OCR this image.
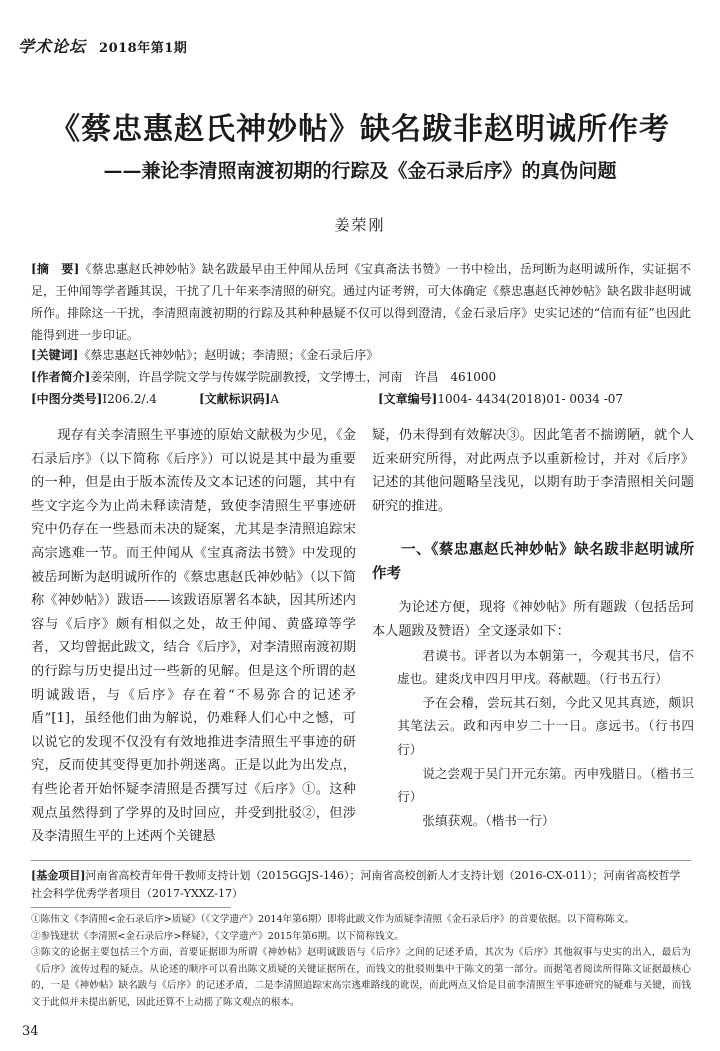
学术论坛 2018年第1期
《蔡忠惠赵氏神妙帖》缺名跋非赵明诚所作考
——兼论李清照南渡初期的行踪及《金石录后序》的真伪问题
姜荣刚
[摘　要]《蔡忠惠赵氏神妙帖》缺名跋最早由王仲闻从岳珂《宝真斋法书赞》一书中检出，岳珂断为赵明诚所作，实证据不足，王仲闻等学者踵其误，干扰了几十年来李清照的研究。通过内证考辨，可大体确定《蔡忠惠赵氏神妙帖》缺名跋非赵明诚所作。排除这一干扰，李清照南渡初期的行踪及其种种悬疑不仅可以得到澄清，《金石录后序》史实记述的“信而有征”也因此能得到进一步印证。
[关键词]《蔡忠惠赵氏神妙帖》；赵明诚；李清照；《金石录后序》
[作者简介]姜荣刚，许昌学院文学与传媒学院副教授，文学博士，河南　许昌　461000
[中图分类号]I206.2/.4	[文献标识码]A	[文章编号]1004- 4434(2018)01- 0034 -07
现存有关李清照生平事迹的原始文献极为少见，《金石录后序》（以下简称《后序》）可以说是其中最为重要的一种，但是由于版本流传及文本记述的问题，其中有些文字迄今为止尚未释读清楚，致使李清照生平事迹研究中仍存在一些悬而未决的疑案，尤其是李清照追踪宋高宗逃难一节。而王仲闻从《宝真斋法书赞》中发现的被岳珂断为赵明诚所作的《蔡忠惠赵氏神妙帖》（以下简称《神妙帖》）跋语——该跋语原署名本缺，因其所述内容与《后序》颇有相似之处，故王仲闻、黄盛璋等学者，又均曾据此跋文，结合《后序》，对李清照南渡初期的行踪与历史提出过一些新的见解。但是这个所谓的赵明诚跋语，与《后序》存在着“不易弥合的记述矛盾”[1]，虽经他们曲为解说，仍难释人们心中之憾，可以说它的发现不仅没有有效地推进李清照生平事迹的研究，反而使其变得更加扑朔迷离。正是以此为出发点，有些论者开始怀疑李清照是否撰写过《后序》①。这种观点虽然得到了学界的及时回应，并受到批驳②，但涉及李清照生平的上述两个关键悬

疑，仍未得到有效解决③。因此笔者不揣谫陋，就个人近来研究所得，对此两点予以重新检讨，并对《后序》记述的其他问题略呈浅见，以期有助于李清照相关问题研究的推进。

一、《蔡忠惠赵氏神妙帖》缺名跋非赵明诚所作考

为论述方便，现将《神妙帖》所有题跋（包括岳珂本人题跋及赞语）全文逐录如下：

君谟书。评者以为本朝第一，今观其书尺，信不虚也。建炎戊申四月甲戌。蒋献题。（行书五行）

予在会稽，尝玩其石刻，今此又见其真迹，颇识其笔法云。政和丙申岁二十一日。彦远书。（行书四行）

说之尝观于吴门开元东第。丙申残腊日。（楷书三行）

张缜获观。（楷书一行）

[基金项目]河南省高校青年骨干教师支持计划（2015GGJS-146）；河南省高校创新人才支持计划（2016-CX-011）；河南省高校哲学社会科学优秀学者项目（2017-YXXZ-17）

①陈伟文《李清照<金石录后序>质疑》（《文学遗产》2014年第6期）即将此跋文作为质疑李清照《金石录后序》的首要依据。以下简称陈文。

②参钱建状《李清照<金石录后序>释疑》，《文学遗产》2015年第6期。以下简称钱文。

③陈文的论据主要包括三个方面，首要证据即为所谓《神妙帖》赵明诚跋语与《后序》之间的记述矛盾，其次为《后序》其他叙事与史实的出入，最后为《后序》流传过程的疑点。从论述的顺序可以看出陈文质疑的关键证据所在，而钱文的批驳则集中于陈文的第一部分。而据笔者阅读所得陈文证据最核心的，一是《神妙帖》缺名跋与《后序》的记述矛盾，二是李清照追踪宋高宗逃难路线的讹误，而此两点又恰是目前李清照生平事迹研究的疑难与关键，而钱文于此似并未提出新见，因此还算不上动摇了陈文观点的根本。

34
